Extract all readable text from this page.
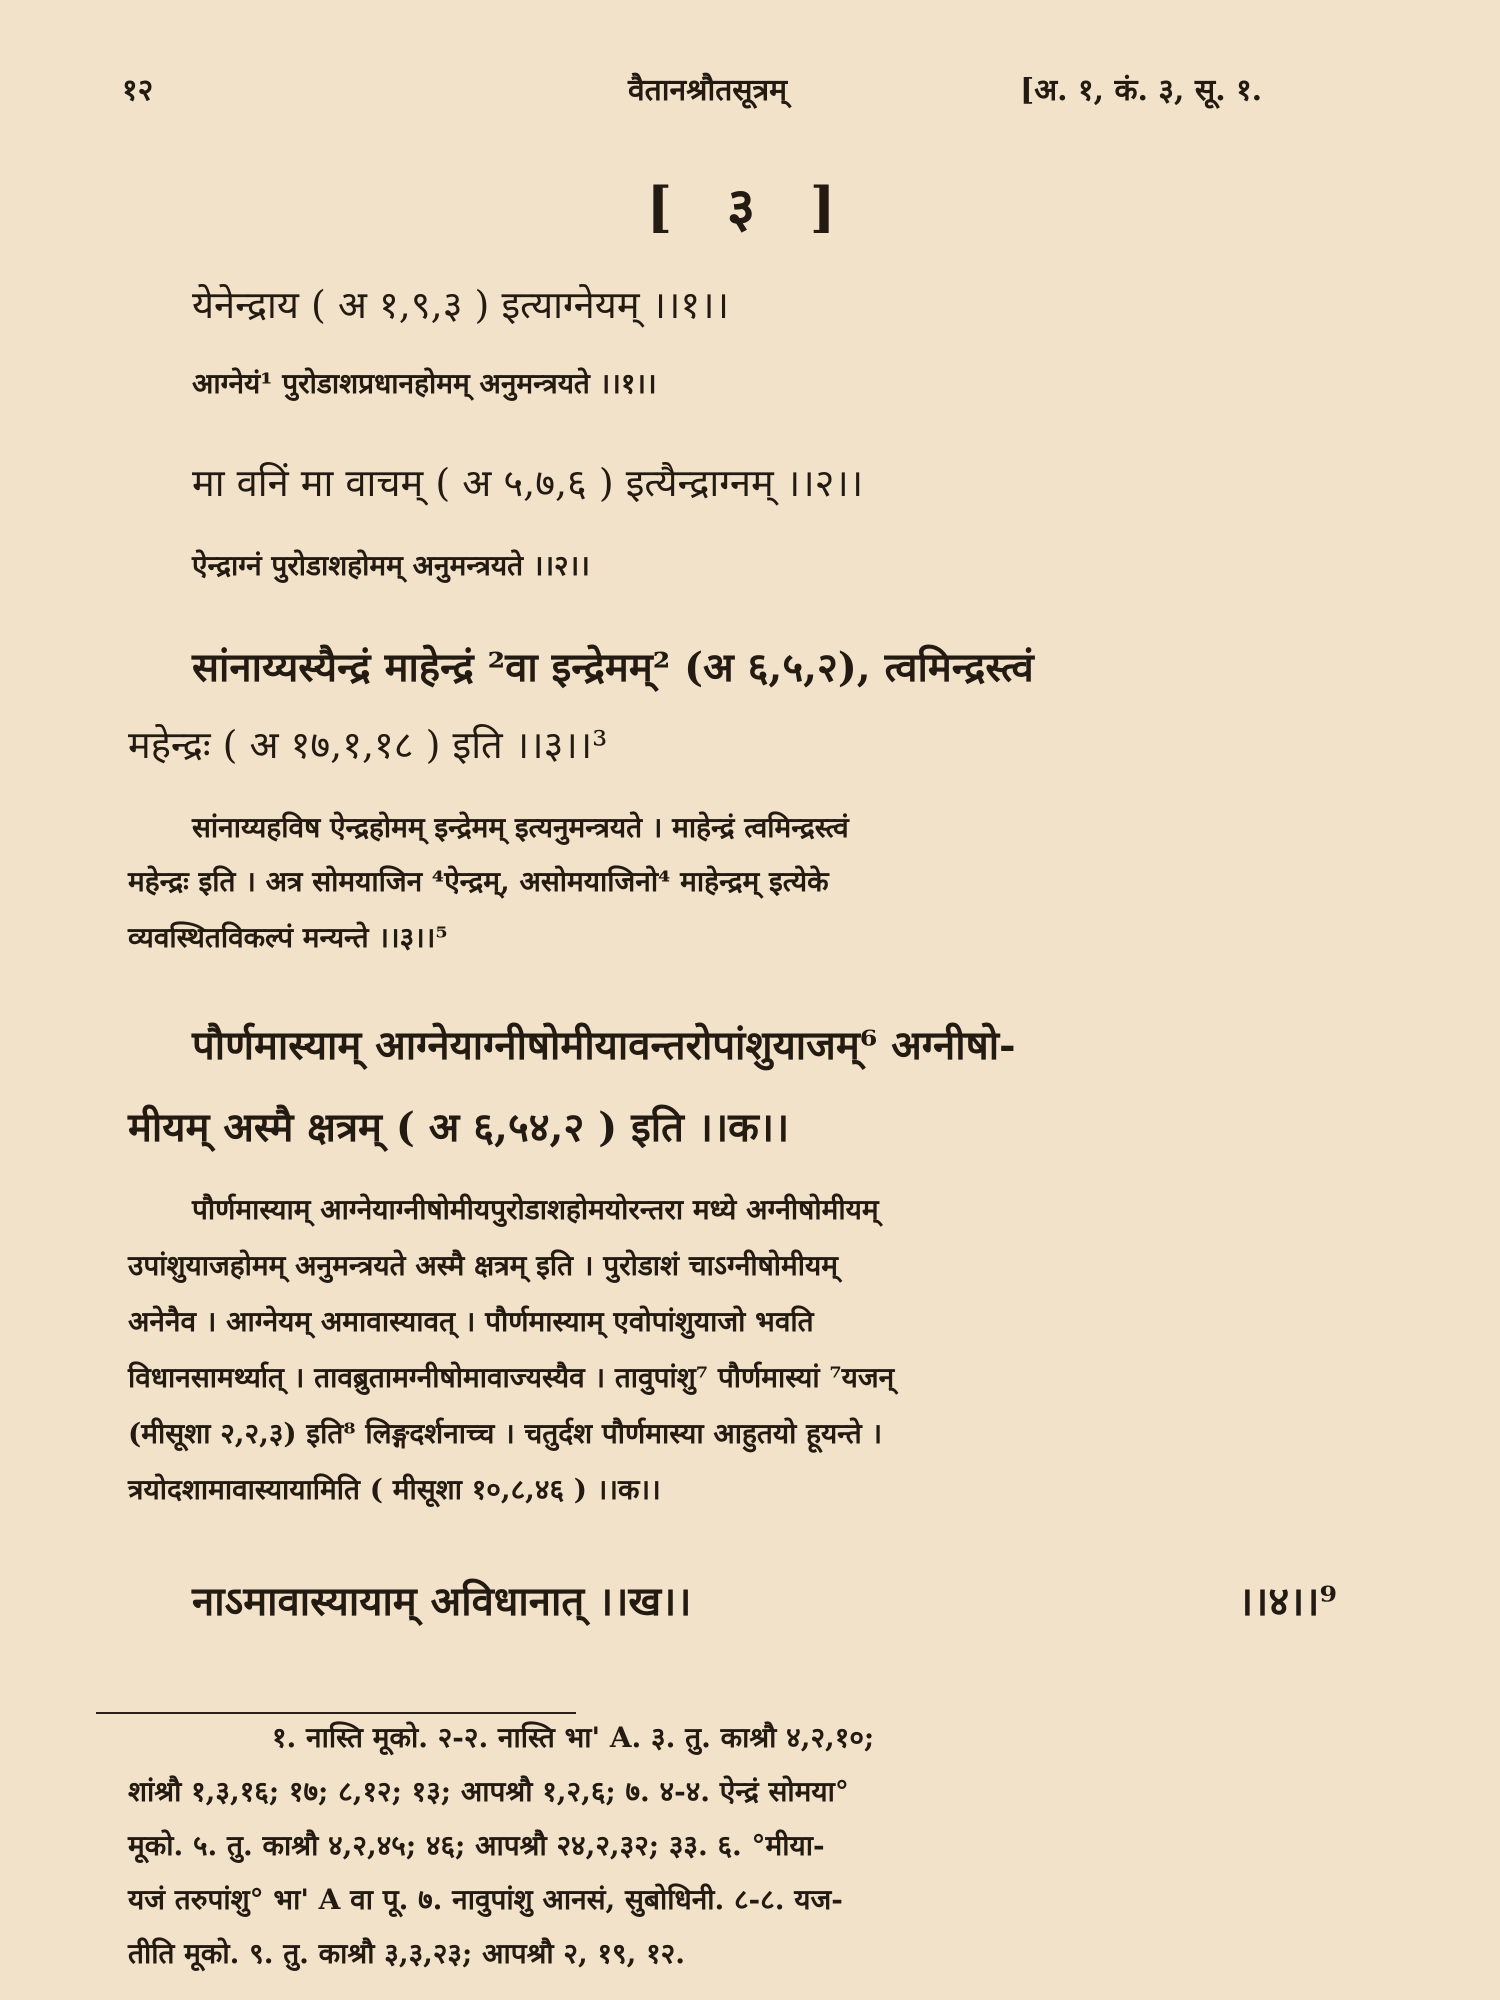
१२	वैतानश्रौतसूत्रम्	[अ. १, कं. ३, सू. १.
[ ३ ]
येनेन्द्राय ( अ १,९,३ ) इत्याग्नेयम् ।।१।।
आग्नेयं¹ पुरोडाशप्रधानहोमम् अनुमन्त्रयते ।।१।।
मा वनिं मा वाचम् ( अ ५,७,६ ) इत्यैन्द्राग्नम् ।।२।।
ऐन्द्राग्नं पुरोडाशहोमम् अनुमन्त्रयते ।।२।।
सांनाय्यस्यैन्द्रं माहेन्द्रं ²वा इन्द्रेमम्² (अ ६,५,२), त्वमिन्द्रस्त्वं
महेन्द्रः ( अ १७,१,१८ ) इति ।।३।।³
सांनाय्यहविष ऐन्द्रहोमम् इन्द्रेमम् इत्यनुमन्त्रयते । माहेन्द्रं त्वमिन्द्रस्त्वं
महेन्द्रः इति । अत्र सोमयाजिन ⁴ऐन्द्रम्, असोमयाजिनो⁴ माहेन्द्रम् इत्येके
व्यवस्थितविकल्पं मन्यन्ते ।।३।।⁵
पौर्णमास्याम् आग्नेयाग्नीषोमीयावन्तरोपांशुयाजम्⁶ अग्नीषो-
मीयम् अस्मै क्षत्रम् ( अ ६,५४,२ ) इति ।।क।।
पौर्णमास्याम् आग्नेयाग्नीषोमीयपुरोडाशहोमयोरन्तरा मध्ये अग्नीषोमीयम्
उपांशुयाजहोमम् अनुमन्त्रयते अस्मै क्षत्रम् इति । पुरोडाशं चाऽग्नीषोमीयम्
अनेनैव । आग्नेयम् अमावास्यावत् । पौर्णमास्याम् एवोपांशुयाजो भवति
विधानसामर्थ्यात् । तावब्रुतामग्नीषोमावाज्यस्यैव । तावुपांशु⁷ पौर्णमास्यां ⁷यजन्
(मीसूशा २,२,३) इति⁸ लिङ्गदर्शनाच्च । चतुर्दश पौर्णमास्या आहुतयो हूयन्ते ।
त्रयोदशामावास्यायामिति ( मीसूशा १०,८,४६ ) ।।क।।
नाऽमावास्यायाम् अविधानात् ।।ख।।	।।४।।⁹
१. नास्ति मूको. २-२. नास्ति भा' A. ३. तु. काश्रौ ४,२,१०;
शांश्रौ १,३,१६; १७; ८,१२; १३; आपश्रौ १,२,६; ७. ४-४. ऐन्द्रं सोमया°
मूको. ५. तु. काश्रौ ४,२,४५; ४६; आपश्रौ २४,२,३२; ३३. ६. °मीया-
यजं तरुपांशु° भा' A वा पू. ७. नावुपांशु आनसं, सुबोधिनी. ८-८. यज-
तीति मूको. ९. तु. काश्रौ ३,३,२३; आपश्रौ २, १९, १२.
